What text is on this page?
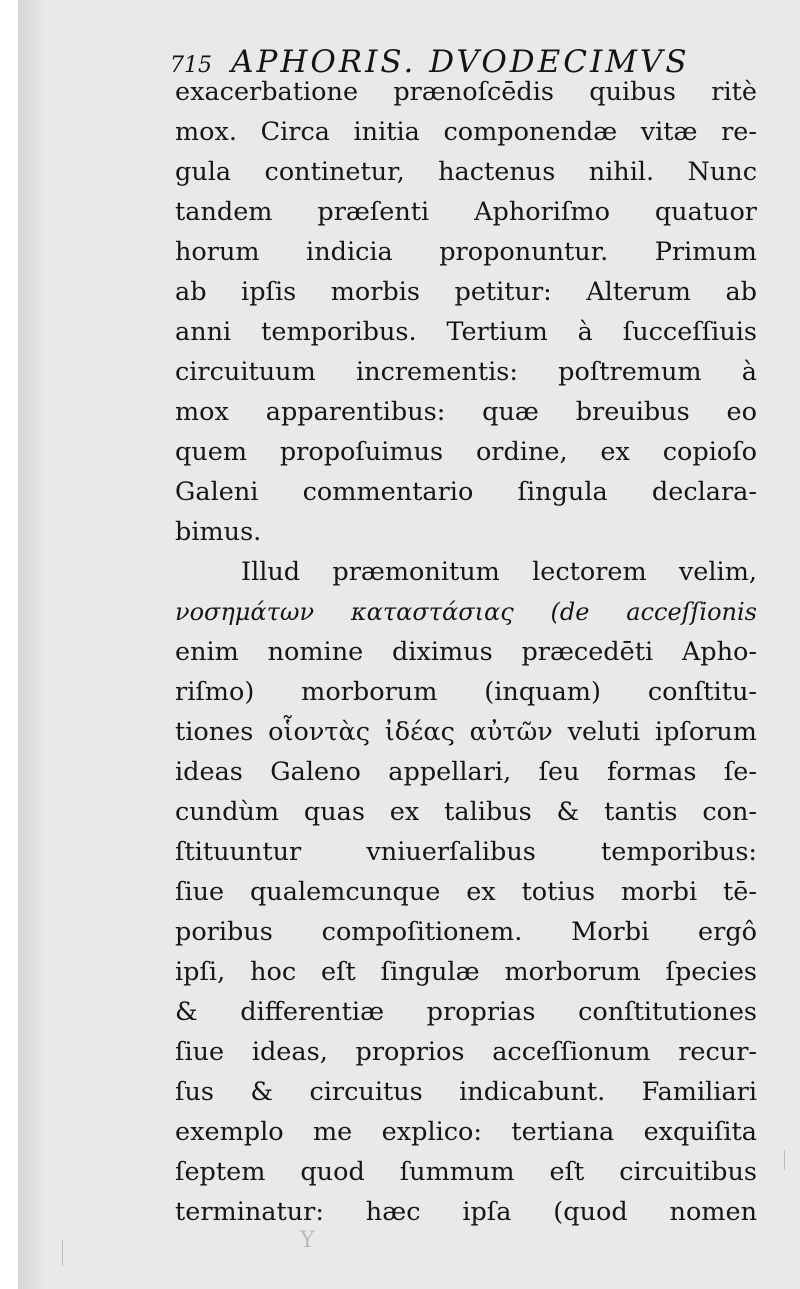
715 APHORIS. DVODECIMVS
exacerbatione prænoſcēdis quibus ritè
mox. Circa initia componendæ vitæ re-
gula continetur, hactenus nihil. Nunc
tandem præſenti Aphoriſmo quatuor
horum indicia proponuntur. Primum
ab ipſis morbis petitur: Alterum ab
anni temporibus. Tertium à ſucceſſiuis
circuituum incrementis: poſtremum à
mox apparentibus: quæ breuibus eo
quem propoſuimus ordine, ex copioſo
Galeni commentario ſingula declara-
bimus.
Illud præmonitum lectorem velim,
νοσημάτων καταστάσιας (de acceſſionis
enim nomine diximus præcedēti Apho-
riſmo) morborum (inquam) conſtitu-
tiones οἷοντὰς ἰδέας αὐτῶν veluti ipſorum
ideas Galeno appellari, ſeu formas ſe-
cundùm quas ex talibus & tantis con-
ſtituuntur vniuerſalibus temporibus:
ſiue qualemcunque ex totius morbi tē-
poribus compoſitionem. Morbi ergô
ipſi, hoc eſt ſingulæ morborum ſpecies
& differentiæ proprias conſtitutiones
ſiue ideas, proprios acceſſionum recur-
ſus & circuitus indicabunt. Familiari
exemplo me explico: tertiana exquiſita
ſeptem quod ſummum eſt circuitibus
terminatur: hæc ipſa (quod nomen
Y
